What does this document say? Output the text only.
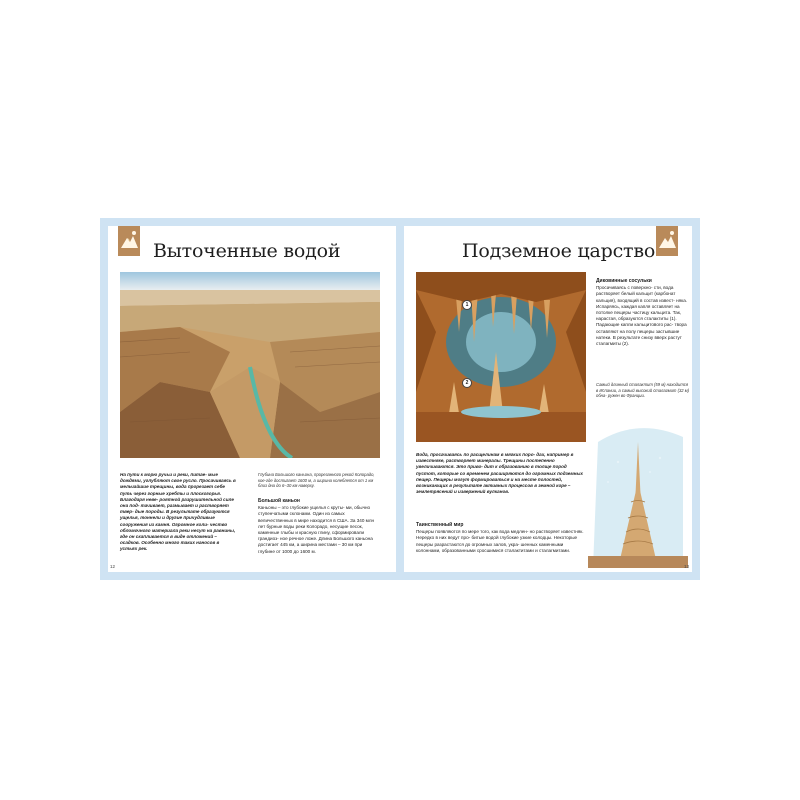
Выточенные водой
На пути к морю ручьи и реки, питае- мые дождями, углубляют свое русло. Просачиваясь в мельчайшие трещины, вода прорезает себе путь через горные хребты и плоскогорья. Благодаря неве- роятной разрушительной силе она под- тачивает, размывает и растворяет твер- дые породы. В результате образуются ущелья, тоннели и другие причудливые сооружения из камня. Огромное коли- чество обломочного материала реки несут на равнины, где он скапливается в виде отложений – осадков. Особенно много таких наносов в устьях рек.
Глубина Большого каньона, прорезанного рекой Колорадо, кое-где достигает 1600 м, а ширина колеблется от 1 км близ дна до 6–30 км наверху.
Большой каньон
Каньоны – это глубокие ущелья с круты- ми, обычно ступенчатыми склонами. Один из самых величественных в мире находится в США. За 340 млн лет бурные воды реки Колорадо, несущие песок, каменные глыбы и красную глину, сформировали грандиоз- ное речное ложе. Длина Большого каньона достигает 445 км, а ширина местами – 30 км при глубине от 1000 до 1600 м.
12
Подземное царство
1
2
Диковинные сосульки
Просачиваясь с поверхно- сти, вода растворяет белый кальцит (карбонат кальция), входящий в состав извест- няка. Испаряясь, каждая капля оставляет на потолке пещеры частицу кальцита. Так, нарастая, образуются сталактиты (1). Падающие капли кальцитового рас- твора оставляют на полу пещеры застывшие натеки. В результате снизу вверх растут сталагмиты (2).
Самый длинный сталактит (59 м) находится в Испании, а самый высокий сталагмит (32 м) обна- ружен во Франции.
Вода, просачиваясь по расщелинам в мягких поро- дах, например в известняке, растворяет минералы. Трещины постепенно увеличиваются. Это приво- дит к образованию в толще пород пустот, которые со временем расширяются до огромных подземных пещер. Пещеры могут формироваться и на месте полостей, возникающих в результате активных процессов в земной коре – землетрясений и извержений вулканов.
Таинственный мир
Пещеры появляются по мере того, как вода медлен- но растворяет известняк. Нередко в них ведут про- битые водой глубокие узкие колодцы. Некоторые пещеры разрастаются до огромных залов, укра- шенных каменными колоннами, образованными сросшимися сталактитами и сталагмитами.
13
